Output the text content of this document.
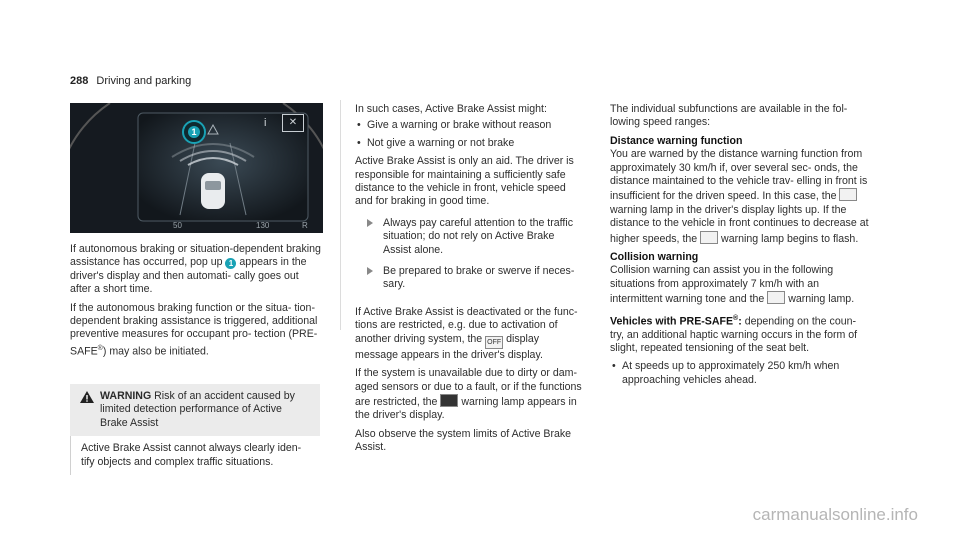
288 Driving and parking
1
i	✕
50	130	R

If autonomous braking or situation-dependent braking assistance has occurred, pop up 1 appears in the driver's display and then automati- cally goes out after a short time.

If the autonomous braking function or the situa- tion-dependent braking assistance is triggered, additional preventive measures for occupant pro- tection (PRE-SAFE®) may also be initiated.

WARNING Risk of an accident caused by limited detection performance of Active Brake Assist
Active Brake Assist cannot always clearly iden- tify objects and complex traffic situations.

In such cases, Active Brake Assist might:

• Give a warning or brake without reason
• Not give a warning or not brake

Active Brake Assist is only an aid. The driver is responsible for maintaining a sufficiently safe distance to the vehicle in front, vehicle speed and for braking in good time.

Always pay careful attention to the traffic situation; do not rely on Active Brake Assist alone.
Be prepared to brake or swerve if neces- sary.

If Active Brake Assist is deactivated or the func- tions are restricted, e.g. due to activation of another driving system, the OFF display message appears in the driver's display.

If the system is unavailable due to dirty or dam- aged sensors or due to a fault, or if the functions are restricted, the  warning lamp appears in the driver's display.

Also observe the system limits of Active Brake Assist.

The individual subfunctions are available in the fol- lowing speed ranges:

Distance warning function

You are warned by the distance warning function from approximately 30 km/h if, over several sec- onds, the distance maintained to the vehicle trav- elling in front is insufficient for the driven speed. In this case, the  warning lamp in the driver's display lights up. If the distance to the vehicle in front continues to decrease at higher speeds, the  warning lamp begins to flash.

Collision warning

Collision warning can assist you in the following situations from approximately 7 km/h with an intermittent warning tone and the  warning lamp.

Vehicles with PRE-SAFE®: depending on the coun- try, an additional haptic warning occurs in the form of slight, repeated tensioning of the seat belt.

• At speeds up to approximately 250 km/h when approaching vehicles ahead.
carmanualsonline.info
